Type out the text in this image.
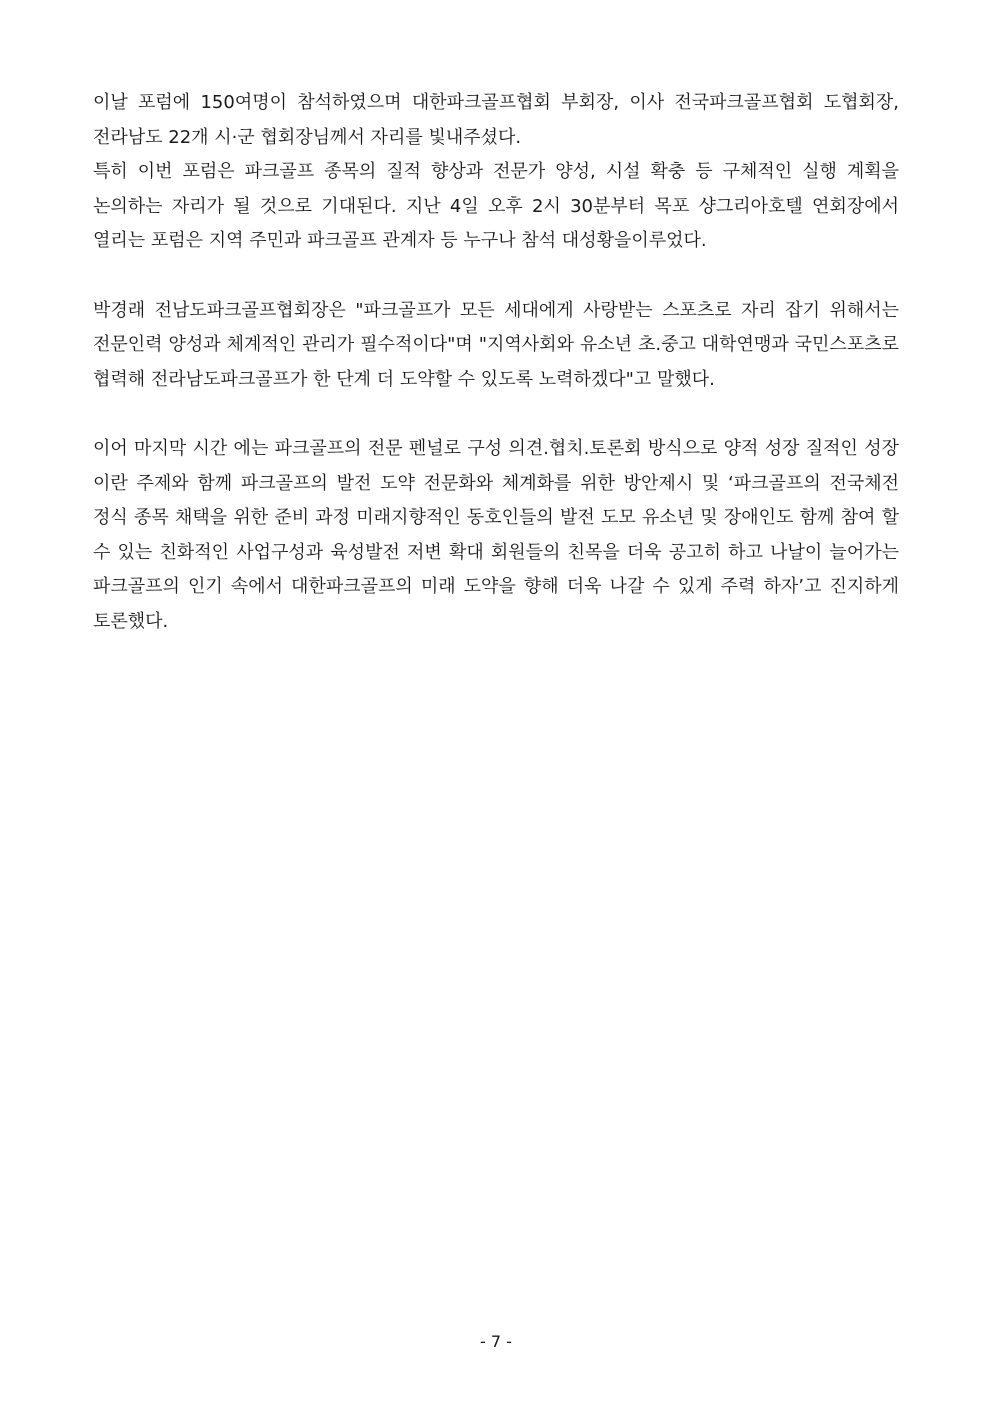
이날 포럼에 150여명이 참석하였으며 대한파크골프협회 부회장, 이사 전국파크골프협회 도협회장, 전라남도 22개 시·군 협회장님께서 자리를 빛내주셨다.

특히 이번 포럼은 파크골프 종목의 질적 향상과 전문가 양성, 시설 확충 등 구체적인 실행 계획을 논의하는 자리가 될 것으로 기대된다. 지난 4일 오후 2시 30분부터 목포 샹그리아호텔 연회장에서 열리는 포럼은 지역 주민과 파크골프 관계자 등 누구나 참석 대성황을이루었다.

박경래 전남도파크골프협회장은 "파크골프가 모든 세대에게 사랑받는 스포츠로 자리 잡기 위해서는 전문인력 양성과 체계적인 관리가 필수적이다"며 "지역사회와 유소년 초.중고 대학연맹과 국민스포츠로 협력해 전라남도파크골프가 한 단계 더 도약할 수 있도록 노력하겠다"고 말했다.

이어 마지막 시간 에는 파크골프의 전문 펜널로 구성 의견.협치.토론회 방식으로 양적 성장 질적인 성장 이란 주제와 함께 파크골프의 발전 도약 전문화와 체계화를 위한 방안제시 및 ‘파크골프의 전국체전 정식 종목 채택을 위한 준비 과정 미래지향적인 동호인들의 발전 도모 유소년 및 장애인도 함께 참여 할 수 있는 친화적인 사업구성과 육성발전 저변 확대 회원들의 친목을 더욱 공고히 하고 나날이 늘어가는 파크골프의 인기 속에서 대한파크골프의 미래 도약을 향해 더욱 나갈 수 있게 주력 하자’고 진지하게 토론했다.

- 7 -
